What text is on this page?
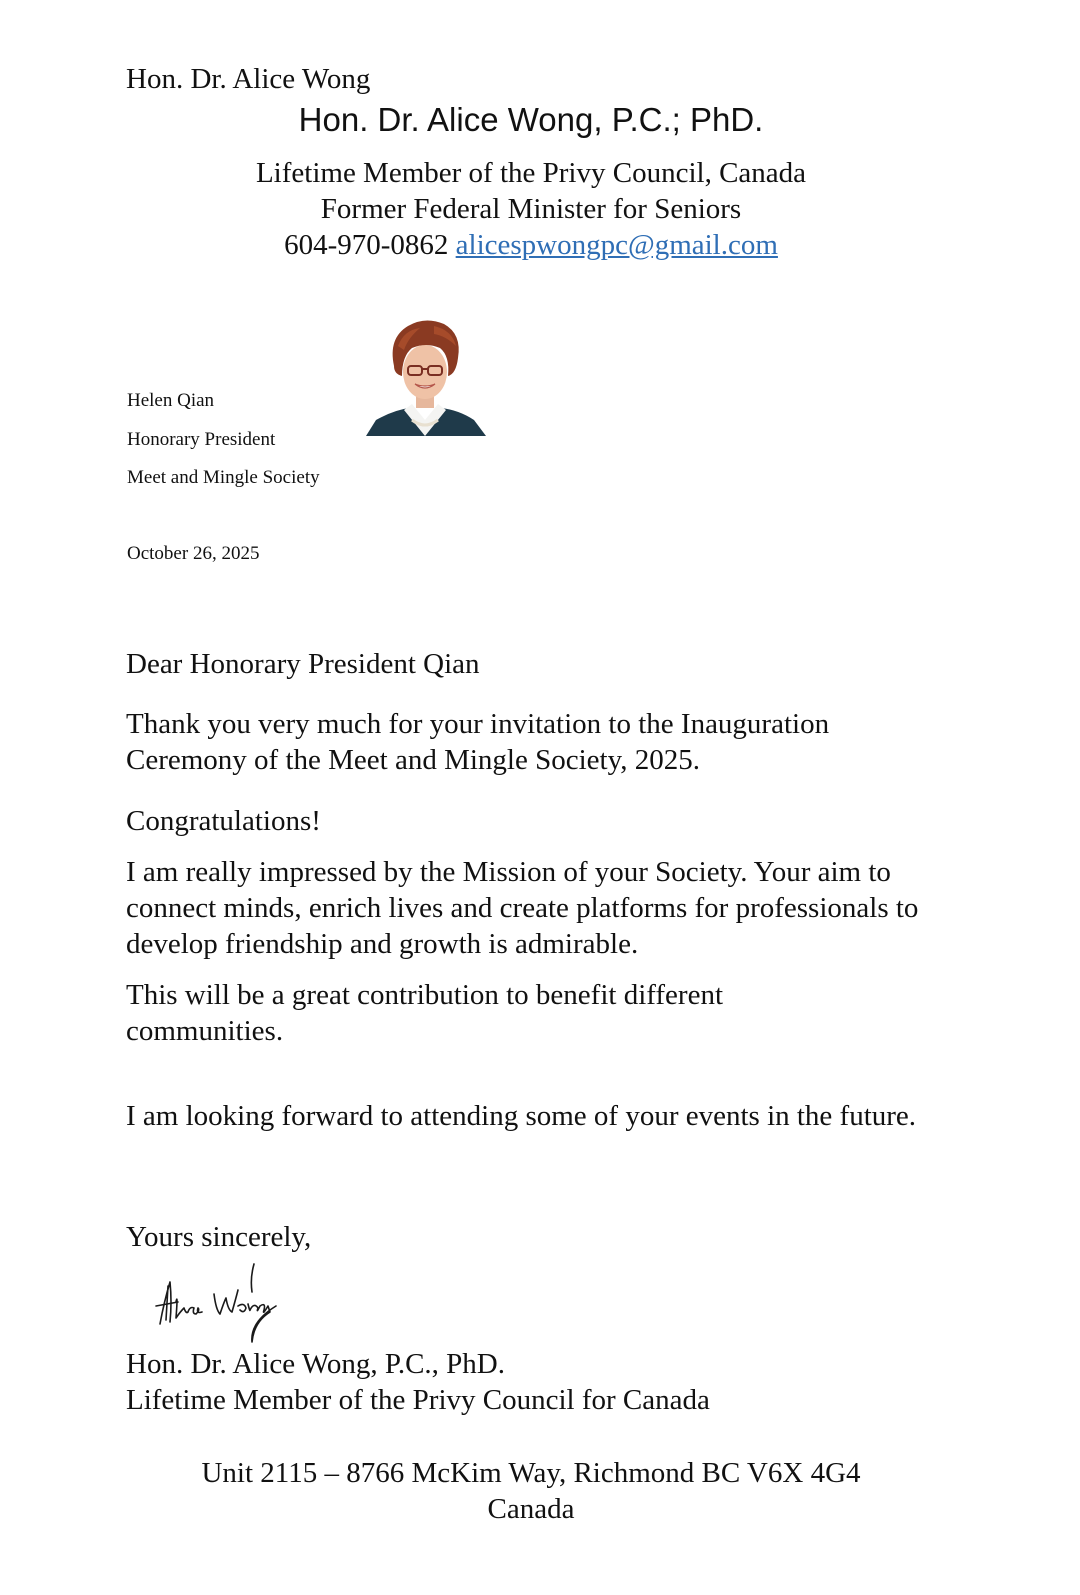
Hon. Dr. Alice Wong
Hon. Dr. Alice Wong, P.C.; PhD.
Lifetime Member of the Privy Council, Canada
Former Federal Minister for Seniors
604-970-0862 alicespwongpc@gmail.com
Helen Qian
Honorary President
Meet and Mingle Society
October 26, 2025
Dear Honorary President Qian
Thank you very much for your invitation to the Inauguration Ceremony of the Meet and Mingle Society, 2025.
Congratulations!
I am really impressed by the Mission of your Society. Your aim to connect minds, enrich lives and create platforms for professionals to develop friendship and growth is admirable.
This will be a great contribution to benefit different communities.
I am looking forward to attending some of your events in the future.
Yours sincerely,
Hon. Dr. Alice Wong, P.C., PhD.
Lifetime Member of the Privy Council for Canada
Unit 2115 – 8766 McKim Way, Richmond BC V6X 4G4
Canada
